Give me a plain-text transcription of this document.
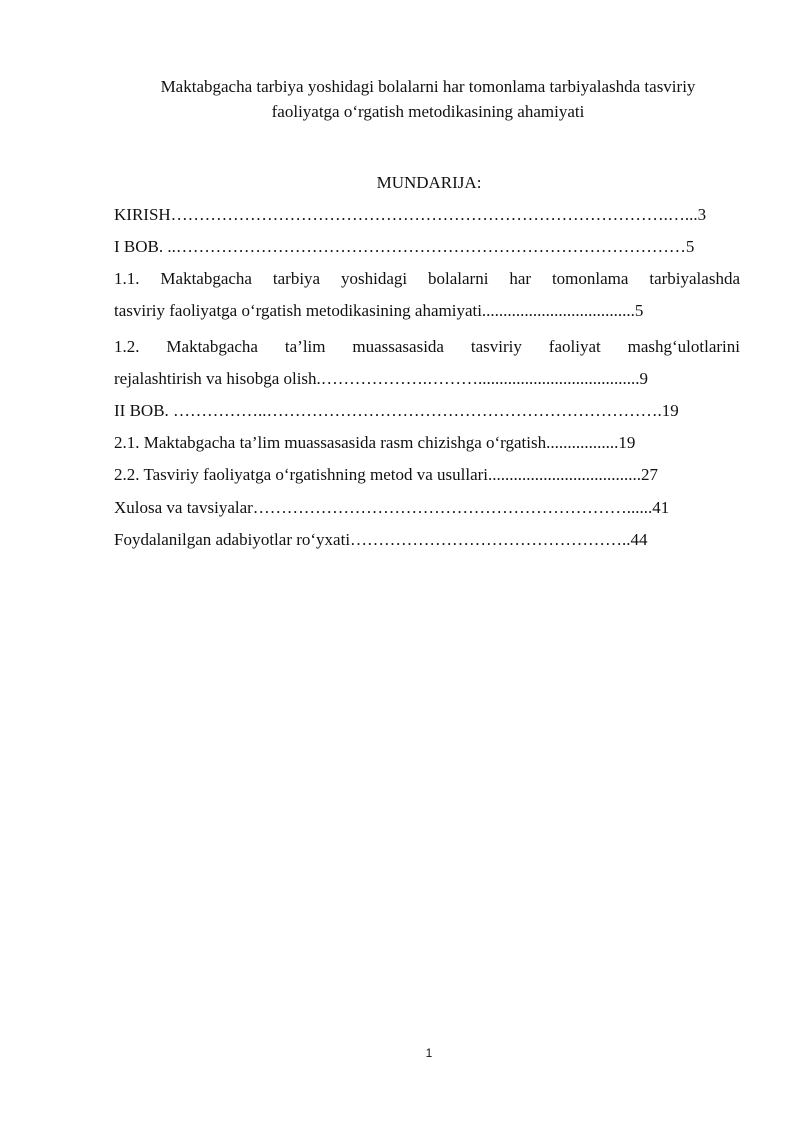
Maktabgacha tarbiya yoshidagi bolalarni har tomonlama tarbiyalashda tasviriy
faoliyatga o‘rgatish metodikasining ahamiyati
MUNDARIJA:
KIRISH…………………………………………………………………………….…...3
I BOB. ..………………………………………………………………………………5
1.1. Maktabgacha tarbiya yoshidagi bolalarni har tomonlama tarbiyalashda
tasviriy faoliyatga o‘rgatish metodikasining ahamiyati....................................5
1.2. Maktabgacha ta’lim muassasasida tasviriy faoliyat mashg‘ulotlarini
rejalashtirish va hisobga olish.……………….………......................................9
II BOB. ……………..…………………………………………………………….19
2.1. Maktabgacha ta’lim muassasasida rasm chizishga o‘rgatish.................19
2.2. Tasviriy faoliyatga o‘rgatishning metod va usullari....................................27
Xulosa va tavsiyalar…………………………………………………………......41
Foydalanilgan adabiyotlar ro‘yxati…………………………………………..44
1
